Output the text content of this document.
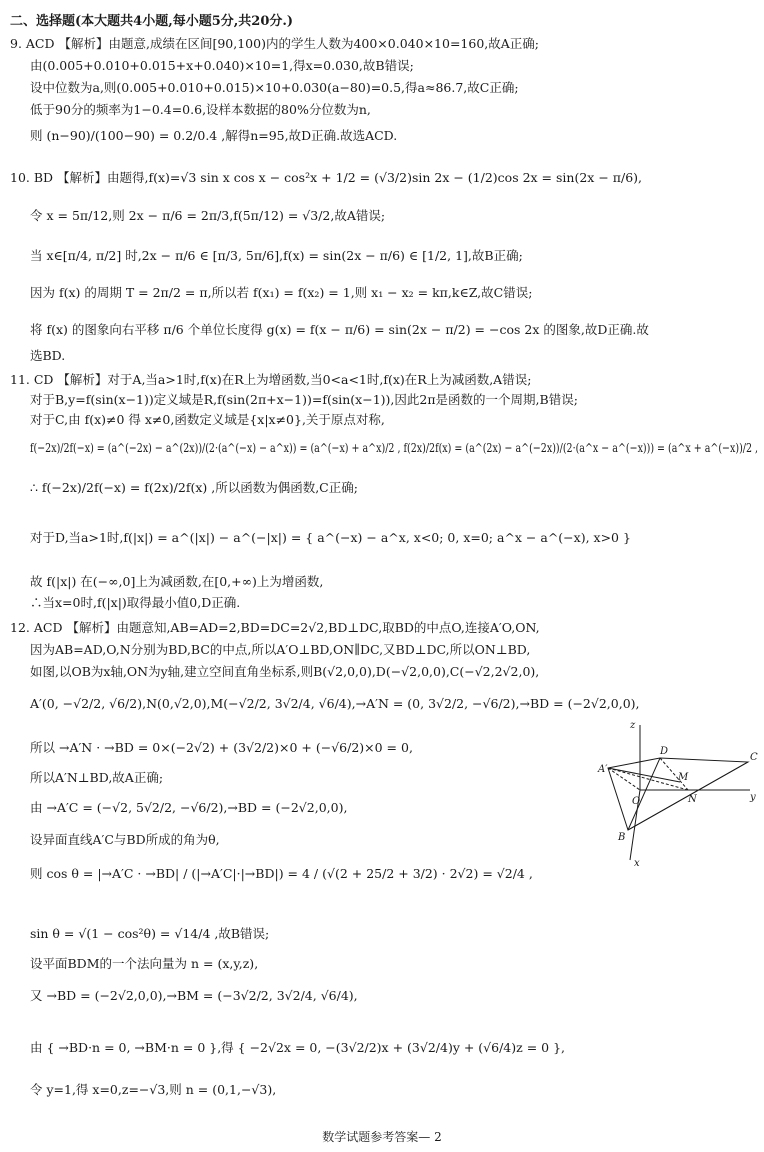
二、选择题(本大题共4小题,每小题5分,共20分.)
9. ACD 【解析】由题意,成绩在区间[90,100)内的学生人数为400×0.040×10=160,故A正确;
由(0.005+0.010+0.015+x+0.040)×10=1,得x=0.030,故B错误;
设中位数为a,则(0.005+0.010+0.015)×10+0.030(a−80)=0.5,得a≈86.7,故C正确;
低于90分的频率为1−0.4=0.6,设样本数据的80%分位数为n,
则 (n−90)/(100−90) = 0.2/0.4 ,解得n=95,故D正确.故选ACD.
10. BD 【解析】由题得,f(x)=√3 sin x cos x − cos²x + 1/2 = (√3/2)sin 2x − (1/2)cos 2x = sin(2x − π/6),
令 x = 5π/12,则 2x − π/6 = 2π/3,f(5π/12) = √3/2,故A错误;
当 x∈[π/4, π/2] 时,2x − π/6 ∈ [π/3, 5π/6],f(x) = sin(2x − π/6) ∈ [1/2, 1],故B正确;
因为 f(x) 的周期 T = 2π/2 = π,所以若 f(x₁) = f(x₂) = 1,则 x₁ − x₂ = kπ,k∈Z,故C错误;
将 f(x) 的图象向右平移 π/6 个单位长度得 g(x) = f(x − π/6) = sin(2x − π/2) = −cos 2x 的图象,故D正确.故
选BD.
11. CD 【解析】对于A,当a>1时,f(x)在R上为增函数,当0<a<1时,f(x)在R上为减函数,A错误;
对于B,y=f(sin(x−1))定义域是R,f(sin(2π+x−1))=f(sin(x−1)),因此2π是函数的一个周期,B错误;
对于C,由 f(x)≠0 得 x≠0,函数定义域是{x|x≠0},关于原点对称,
f(−2x)/2f(−x) = (a^(−2x) − a^(2x))/(2·(a^(−x) − a^x)) = (a^(−x) + a^x)/2 , f(2x)/2f(x) = (a^(2x) − a^(−2x))/(2·(a^x − a^(−x))) = (a^x + a^(−x))/2 ,
∴ f(−2x)/2f(−x) = f(2x)/2f(x) ,所以函数为偶函数,C正确;
对于D,当a>1时,f(|x|) = a^(|x|) − a^(−|x|) = { a^(−x) − a^x, x<0; 0, x=0; a^x − a^(−x), x>0 }
故 f(|x|) 在(−∞,0]上为减函数,在[0,+∞)上为增函数,
∴当x=0时,f(|x|)取得最小值0,D正确.
12. ACD 【解析】由题意知,AB=AD=2,BD=DC=2√2,BD⊥DC,取BD的中点O,连接A′O,ON,
因为AB=AD,O,N分别为BD,BC的中点,所以A′O⊥BD,ON∥DC,又BD⊥DC,所以ON⊥BD,
如图,以OB为x轴,ON为y轴,建立空间直角坐标系,则B(√2,0,0),D(−√2,0,0),C(−√2,2√2,0),
A′(0, −√2/2, √6/2),N(0,√2,0),M(−√2/2, 3√2/4, √6/4),→A′N = (0, 3√2/2, −√6/2),→BD = (−2√2,0,0),
所以 →A′N · →BD = 0×(−2√2) + (3√2/2)×0 + (−√6/2)×0 = 0,
所以A′N⊥BD,故A正确;
由 →A′C = (−√2, 5√2/2, −√6/2),→BD = (−2√2,0,0),
设异面直线A′C与BD所成的角为θ,
则 cos θ = |→A′C · →BD| / (|→A′C|·|→BD|) = 4 / (√(2 + 25/2 + 3/2) · 2√2) = √2/4 ,
sin θ = √(1 − cos²θ) = √14/4 ,故B错误;
设平面BDM的一个法向量为 n = (x,y,z),
又 →BD = (−2√2,0,0),→BM = (−3√2/2, 3√2/4, √6/4),
由 { →BD·n = 0, →BM·n = 0 },得 { −2√2x = 0, −(3√2/2)x + (3√2/4)y + (√6/4)z = 0 },
令 y=1,得 x=0,z=−√3,则 n = (0,1,−√3),
z
D
M
C
A′
O	N	y
B
x
数学试题参考答案— 2
